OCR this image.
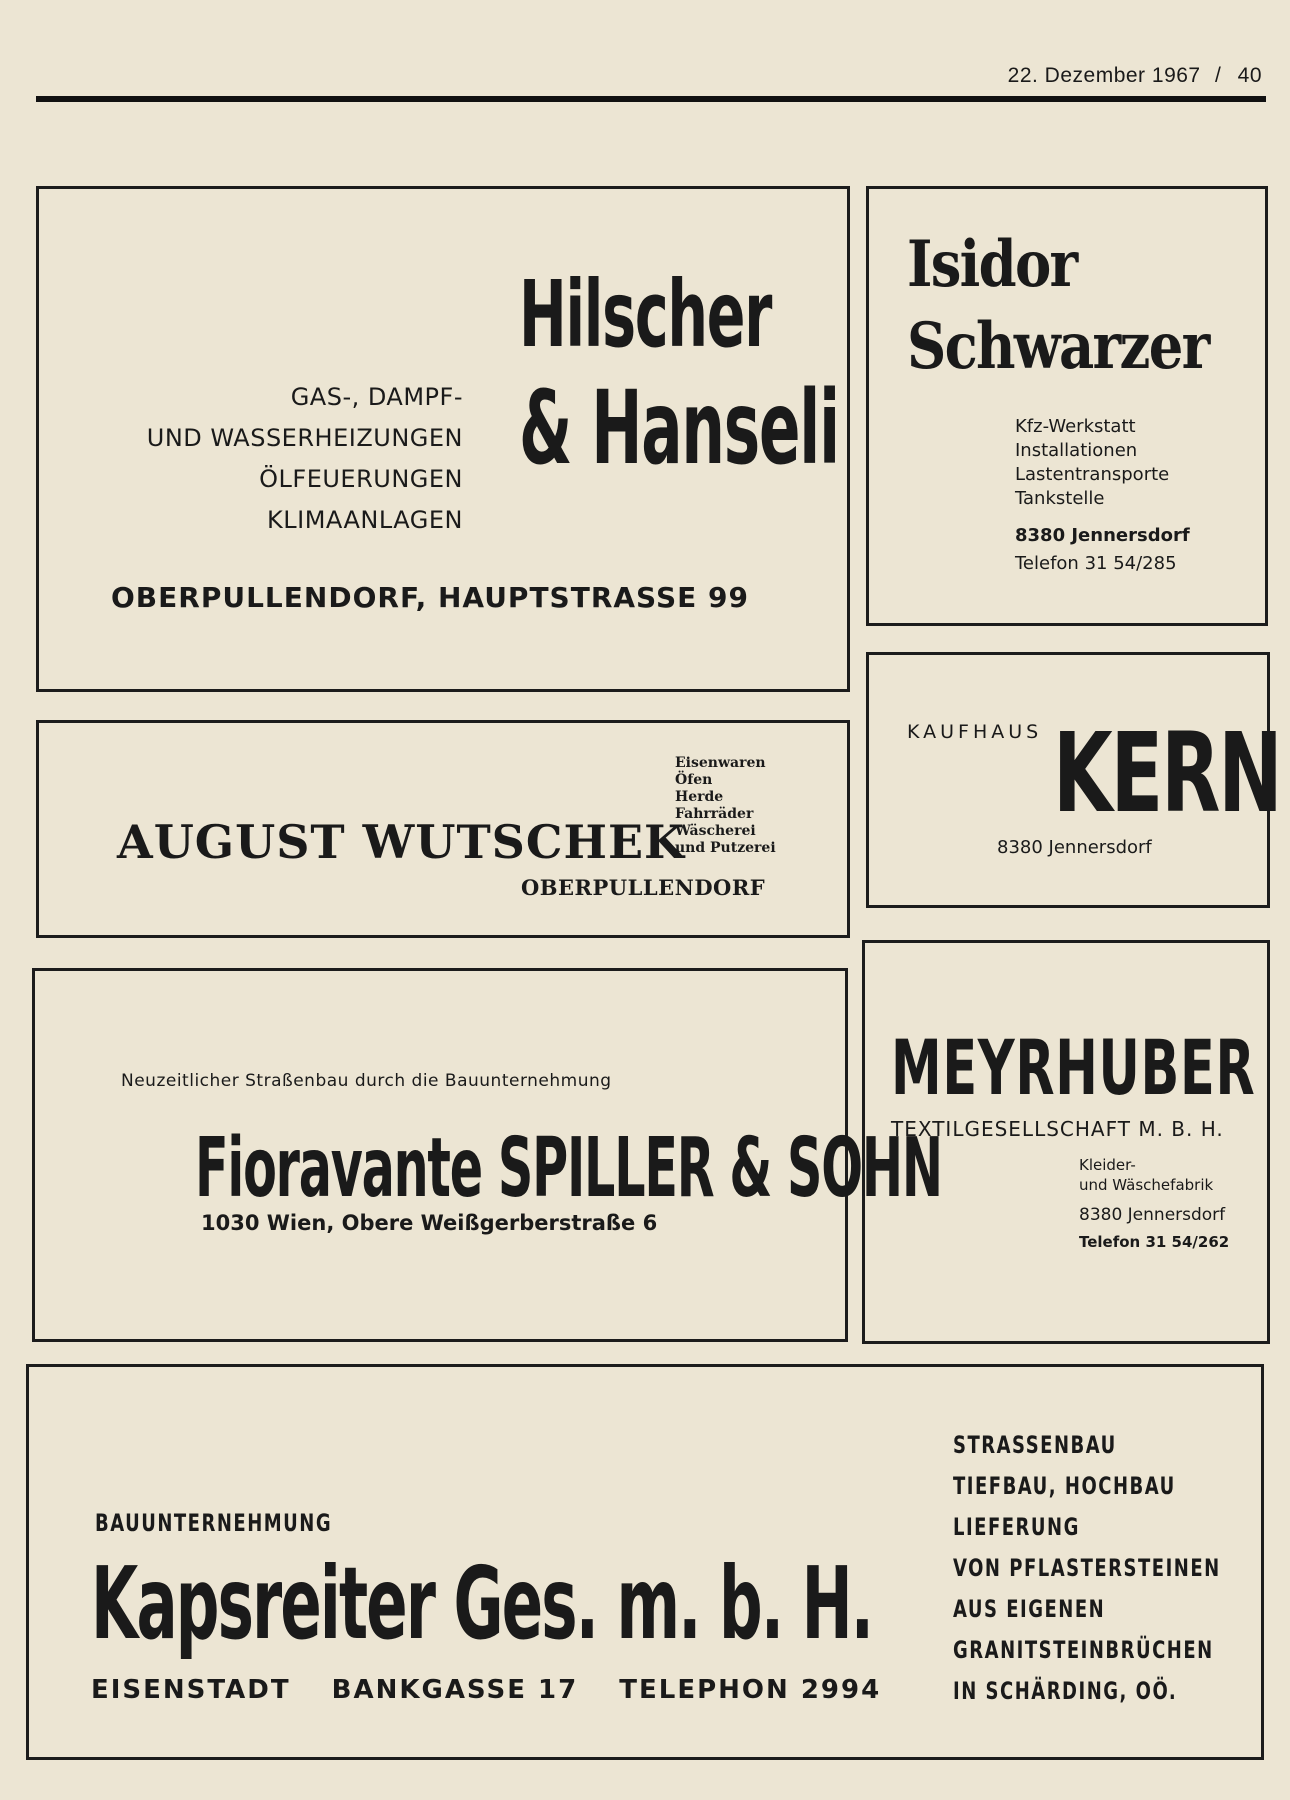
22. Dezember 1967 / 40
Hilscher
& Hanseli
GAS-, DAMPF-
UND WASSERHEIZUNGEN
ÖLFEUERUNGEN
KLIMAANLAGEN
OBERPULLENDORF, HAUPTSTRASSE 99
Isidor
Schwarzer
Kfz-Werkstatt
Installationen
Lastentransporte
Tankstelle
8380 Jennersdorf
Telefon 31 54/285
AUGUST WUTSCHEK
Eisenwaren
Öfen
Herde
Fahrräder
Wäscherei
und Putzerei
OBERPULLENDORF
KAUFHAUS KERN
8380 Jennersdorf
Neuzeitlicher Straßenbau durch die Bauunternehmung
Fioravante SPILLER & SOHN
1030 Wien, Obere Weißgerberstraße 6
MEYRHUBER
TEXTILGESELLSCHAFT M. B. H.
Kleider-
und Wäschefabrik
8380 Jennersdorf
Telefon 31 54/262
BAUUNTERNEHMUNG
Kapsreiter Ges. m. b. H.
EISENSTADT BANKGASSE 17 TELEPHON 2994
STRASSENBAU
TIEFBAU, HOCHBAU
LIEFERUNG
VON PFLASTERSTEINEN
AUS EIGENEN
GRANITSTEINBRÜCHEN
IN SCHÄRDING, OÖ.
